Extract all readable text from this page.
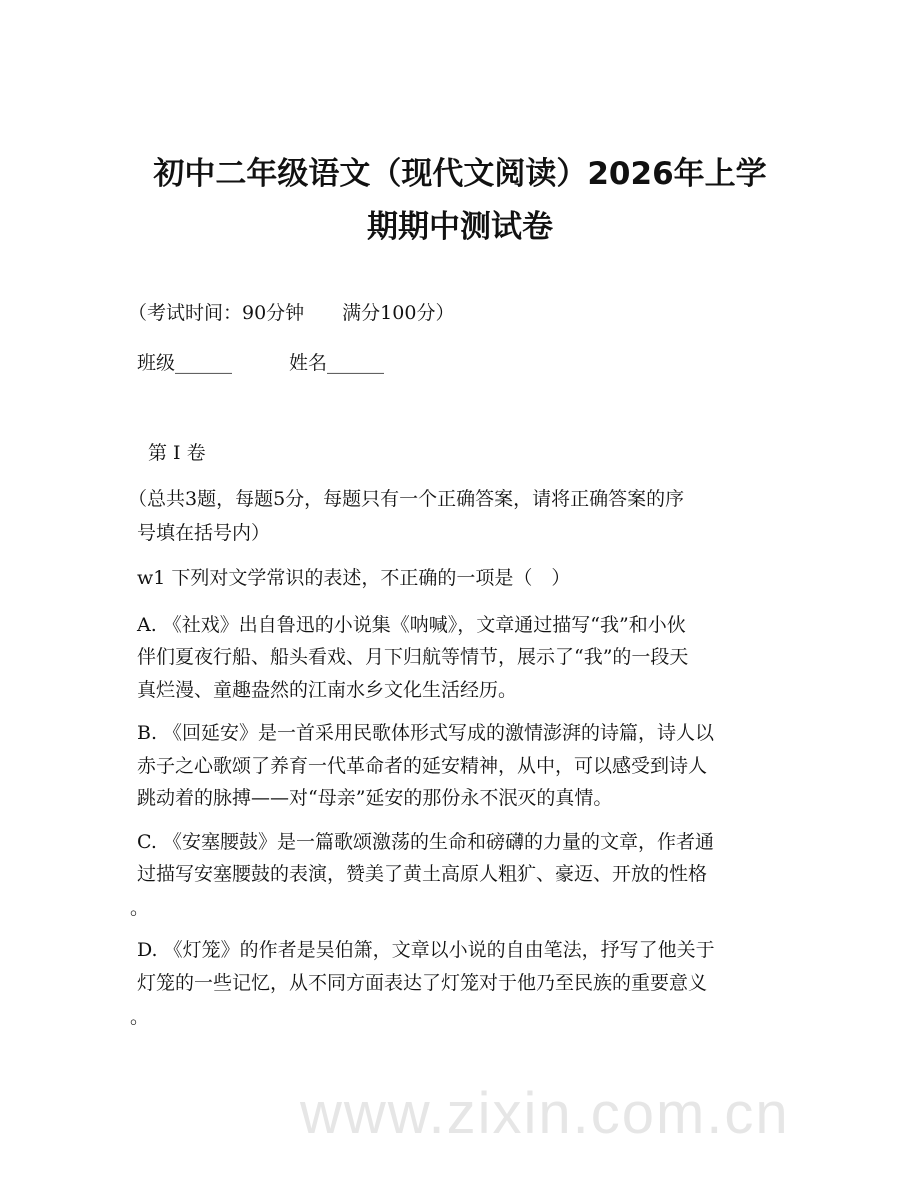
www.zixin.com.cn
初中二年级语文（现代文阅读）2026年上学
期期中测试卷
（考试时间：90分钟　　满分100分）
班级______　　　姓名______
第 I 卷
（总共3题，每题5分，每题只有一个正确答案，请将正确答案的序
号填在括号内）
w1 下列对文学常识的表述，不正确的一项是（　）
A. 《社戏》出自鲁迅的小说集《呐喊》，文章通过描写“我”和小伙
伴们夏夜行船、船头看戏、月下归航等情节，展示了“我”的一段天
真烂漫、童趣盎然的江南水乡文化生活经历。
B. 《回延安》是一首采用民歌体形式写成的激情澎湃的诗篇，诗人以
赤子之心歌颂了养育一代革命者的延安精神，从中，可以感受到诗人
跳动着的脉搏——对“母亲”延安的那份永不泯灭的真情。
C. 《安塞腰鼓》是一篇歌颂激荡的生命和磅礴的力量的文章，作者通
过描写安塞腰鼓的表演，赞美了黄土高原人粗犷、豪迈、开放的性格
。
D. 《灯笼》的作者是吴伯箫，文章以小说的自由笔法，抒写了他关于
灯笼的一些记忆，从不同方面表达了灯笼对于他乃至民族的重要意义
。
